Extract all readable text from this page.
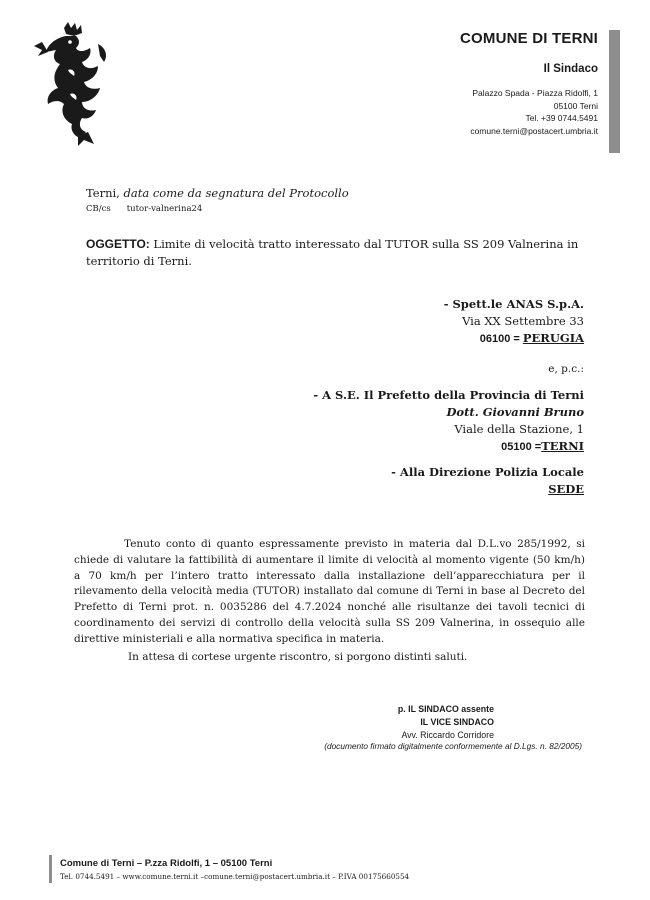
COMUNE DI TERNI
Il Sindaco
Palazzo Spada - Piazza Ridolfi, 1
05100 Terni
Tel. +39 0744.5491
comune.terni@postacert.umbria.it
Terni, data come da segnatura del Protocollo
CB/cs tutor-valnerina24
OGGETTO: Limite di velocità tratto interessato dal TUTOR sulla SS 209 Valnerina in territorio di Terni.
- Spett.le ANAS S.p.A.
Via XX Settembre 33
06100 = PERUGIA
e, p.c.:
- A S.E. Il Prefetto della Provincia di Terni
Dott. Giovanni Bruno
Viale della Stazione, 1
05100 =TERNI
- Alla Direzione Polizia Locale
SEDE

Tenuto conto di quanto espressamente previsto in materia dal D.L.vo 285/1992, si chiede di valutare la fattibilità di aumentare il limite di velocità al momento vigente (50 km/h) a 70 km/h per l’intero tratto interessato dalla installazione dell’apparecchiatura per il rilevamento della velocità media (TUTOR) installato dal comune di Terni in base al Decreto del Prefetto di Terni prot. n. 0035286 del 4.7.2024 nonché alle risultanze dei tavoli tecnici di coordinamento dei servizi di controllo della velocità sulla SS 209 Valnerina, in ossequio alle direttive ministeriali e alla normativa specifica in materia.

In attesa di cortese urgente riscontro, si porgono distinti saluti.
p. IL SINDACO assente
IL VICE SINDACO
Avv. Riccardo Corridore
(documento firmato digitalmente conformemente al D.Lgs. n. 82/2005)
Comune di Terni – P.zza Ridolfi, 1 – 05100 Terni
Tel. 0744.5491 – www.comune.terni.it –comune.terni@postacert.umbria.it – P.IVA 00175660554
